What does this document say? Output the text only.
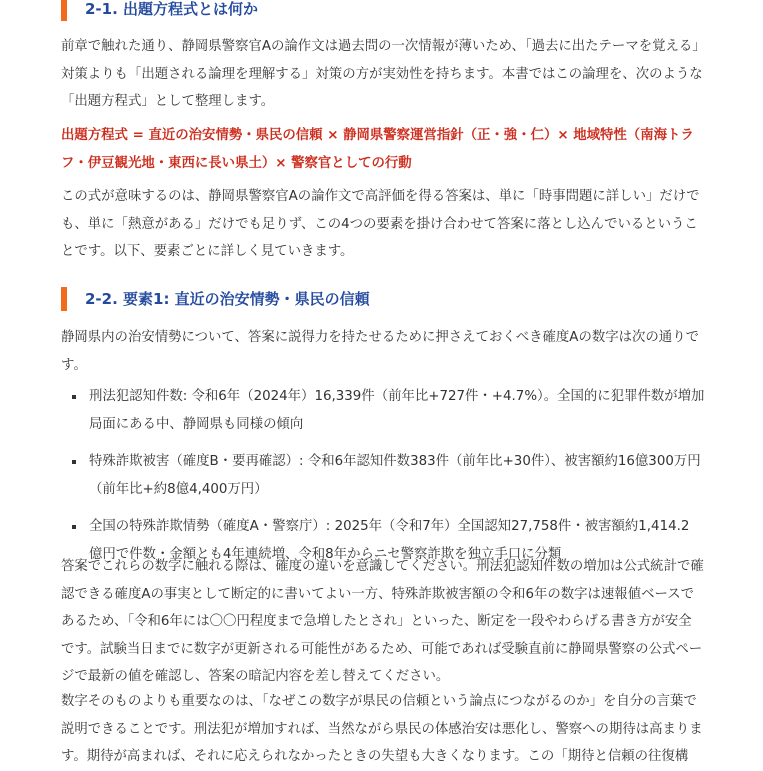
2-1. 出題方程式とは何か
前章で触れた通り、静岡県警察官Aの論作文は過去問の一次情報が薄いため、「過去に出たテーマを覚える」
対策よりも「出題される論理を理解する」対策の方が実効性を持ちます。本書ではこの論理を、次のような
「出題方程式」として整理します。
出題方程式 = 直近の治安情勢・県民の信頼 × 静岡県警察運営指針（正・強・仁）× 地域特性（南海トラ
フ・伊豆観光地・東西に長い県土）× 警察官としての行動
この式が意味するのは、静岡県警察官Aの論作文で高評価を得る答案は、単に「時事問題に詳しい」だけで
も、単に「熱意がある」だけでも足りず、この4つの要素を掛け合わせて答案に落とし込んでいるというこ
とです。以下、要素ごとに詳しく見ていきます。
2-2. 要素1: 直近の治安情勢・県民の信頼
静岡県内の治安情勢について、答案に説得力を持たせるために押さえておくべき確度Aの数字は次の通りで
す。
刑法犯認知件数: 令和6年（2024年）16,339件（前年比+727件・+4.7%）。全国的に犯罪件数が増加
局面にある中、静岡県も同様の傾向
特殊詐欺被害（確度B・要再確認）: 令和6年認知件数383件（前年比+30件）、被害額約16億300万円
（前年比+約8億4,400万円）
全国の特殊詐欺情勢（確度A・警察庁）: 2025年（令和7年）全国認知27,758件・被害額約1,414.2
億円で件数・金額とも4年連続増、令和8年からニセ警察詐欺を独立手口に分類
答案でこれらの数字に触れる際は、確度の違いを意識してください。刑法犯認知件数の増加は公式統計で確
認できる確度Aの事実として断定的に書いてよい一方、特殊詐欺被害額の令和6年の数字は速報値ベースで
あるため、「令和6年には〇〇円程度まで急増したとされ」といった、断定を一段やわらげる書き方が安全
です。試験当日までに数字が更新される可能性があるため、可能であれば受験直前に静岡県警察の公式ペー
ジで最新の値を確認し、答案の暗記内容を差し替えてください。
数字そのものよりも重要なのは、「なぜこの数字が県民の信頼という論点につながるのか」を自分の言葉で
説明できることです。刑法犯が増加すれば、当然ながら県民の体感治安は悪化し、警察への期待は高まりま
す。期待が高まれば、それに応えられなかったときの失望も大きくなります。この「期待と信頼の往復構
